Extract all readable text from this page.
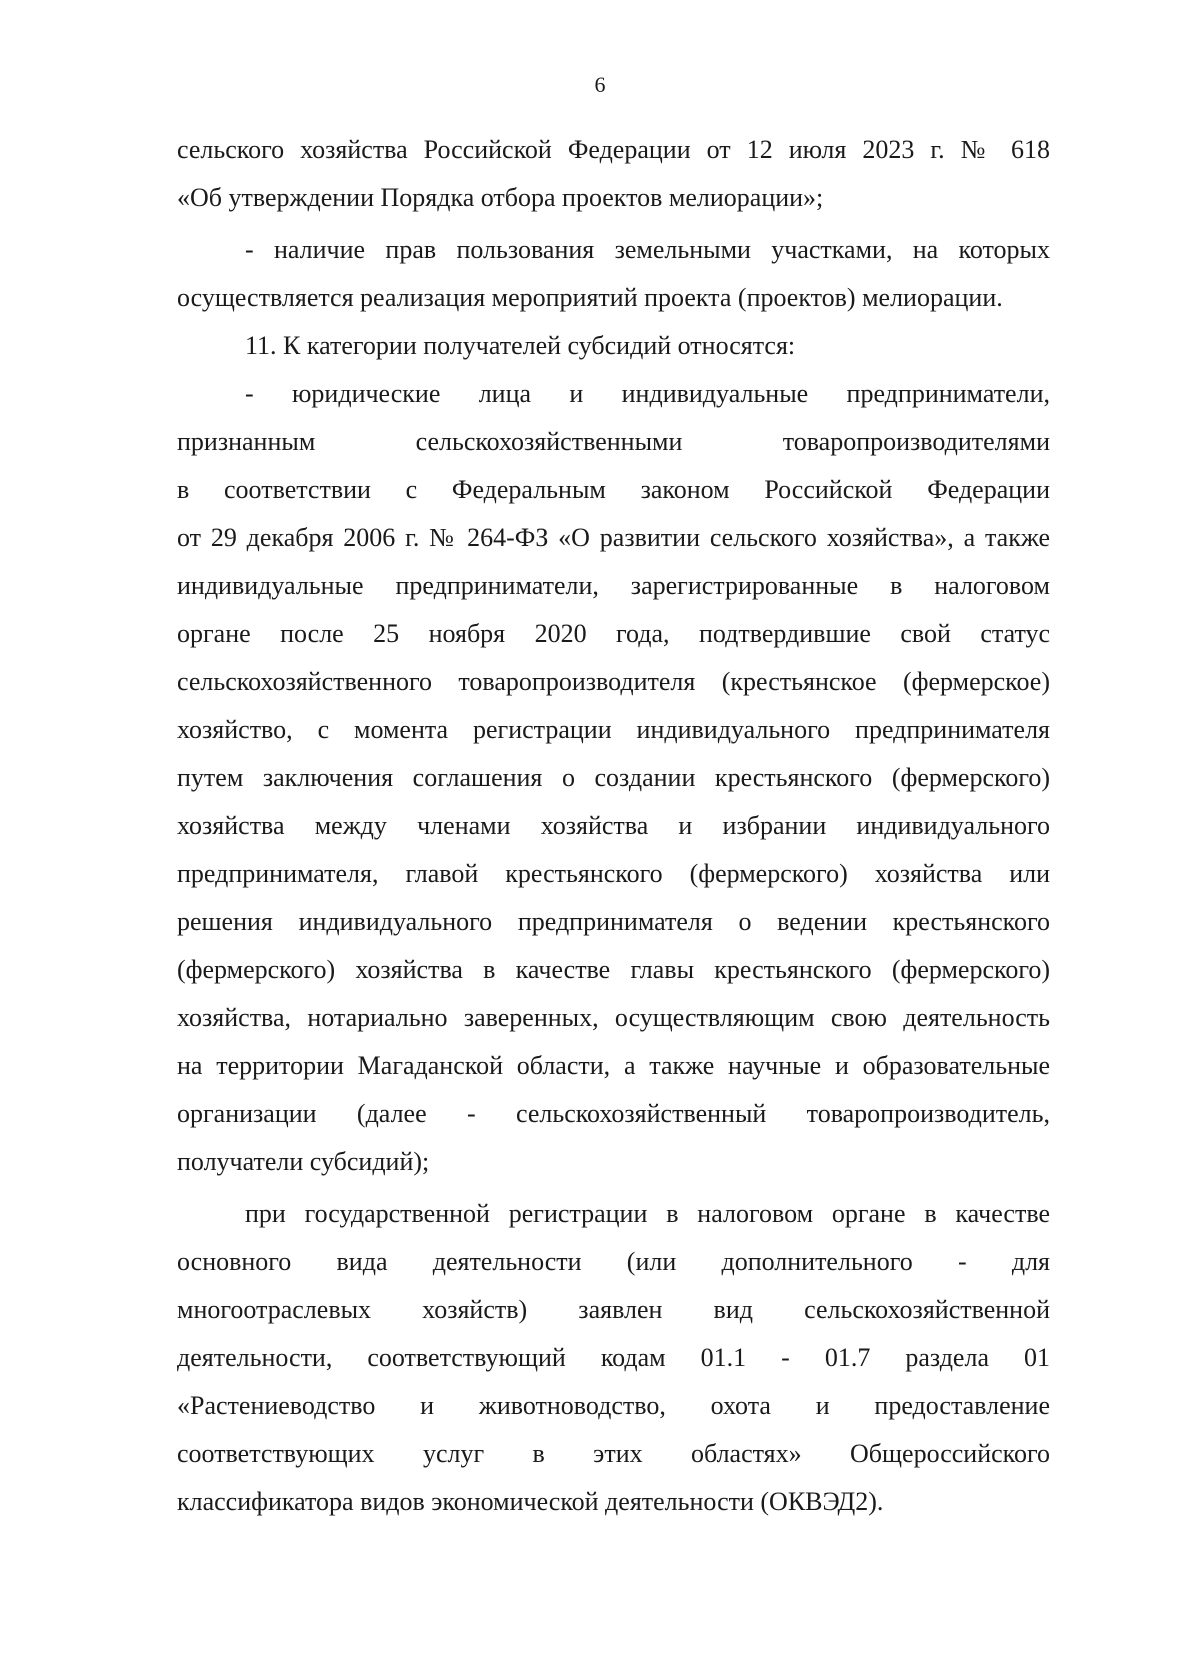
6
сельского хозяйства Российской Федерации от 12 июля 2023 г. № 618
«Об утверждении Порядка отбора проектов мелиорации»;
- наличие прав пользования земельными участками, на которых
осуществляется реализация мероприятий проекта (проектов) мелиорации.
11. К категории получателей субсидий относятся:
- юридические лица и индивидуальные предприниматели,
признанным сельскохозяйственными товаропроизводителями
в соответствии с Федеральным законом Российской Федерации
от 29 декабря 2006 г. № 264-ФЗ «О развитии сельского хозяйства», а также
индивидуальные предприниматели, зарегистрированные в налоговом
органе после 25 ноября 2020 года, подтвердившие свой статус
сельскохозяйственного товаропроизводителя (крестьянское (фермерское)
хозяйство, с момента регистрации индивидуального предпринимателя
путем заключения соглашения о создании крестьянского (фермерского)
хозяйства между членами хозяйства и избрании индивидуального
предпринимателя, главой крестьянского (фермерского) хозяйства или
решения индивидуального предпринимателя о ведении крестьянского
(фермерского) хозяйства в качестве главы крестьянского (фермерского)
хозяйства, нотариально заверенных, осуществляющим свою деятельность
на территории Магаданской области, а также научные и образовательные
организации (далее - сельскохозяйственный товаропроизводитель,
получатели субсидий);
при государственной регистрации в налоговом органе в качестве
основного вида деятельности (или дополнительного - для
многоотраслевых хозяйств) заявлен вид сельскохозяйственной
деятельности, соответствующий кодам 01.1 - 01.7 раздела 01
«Растениеводство и животноводство, охота и предоставление
соответствующих услуг в этих областях» Общероссийского
классификатора видов экономической деятельности (ОКВЭД2).
